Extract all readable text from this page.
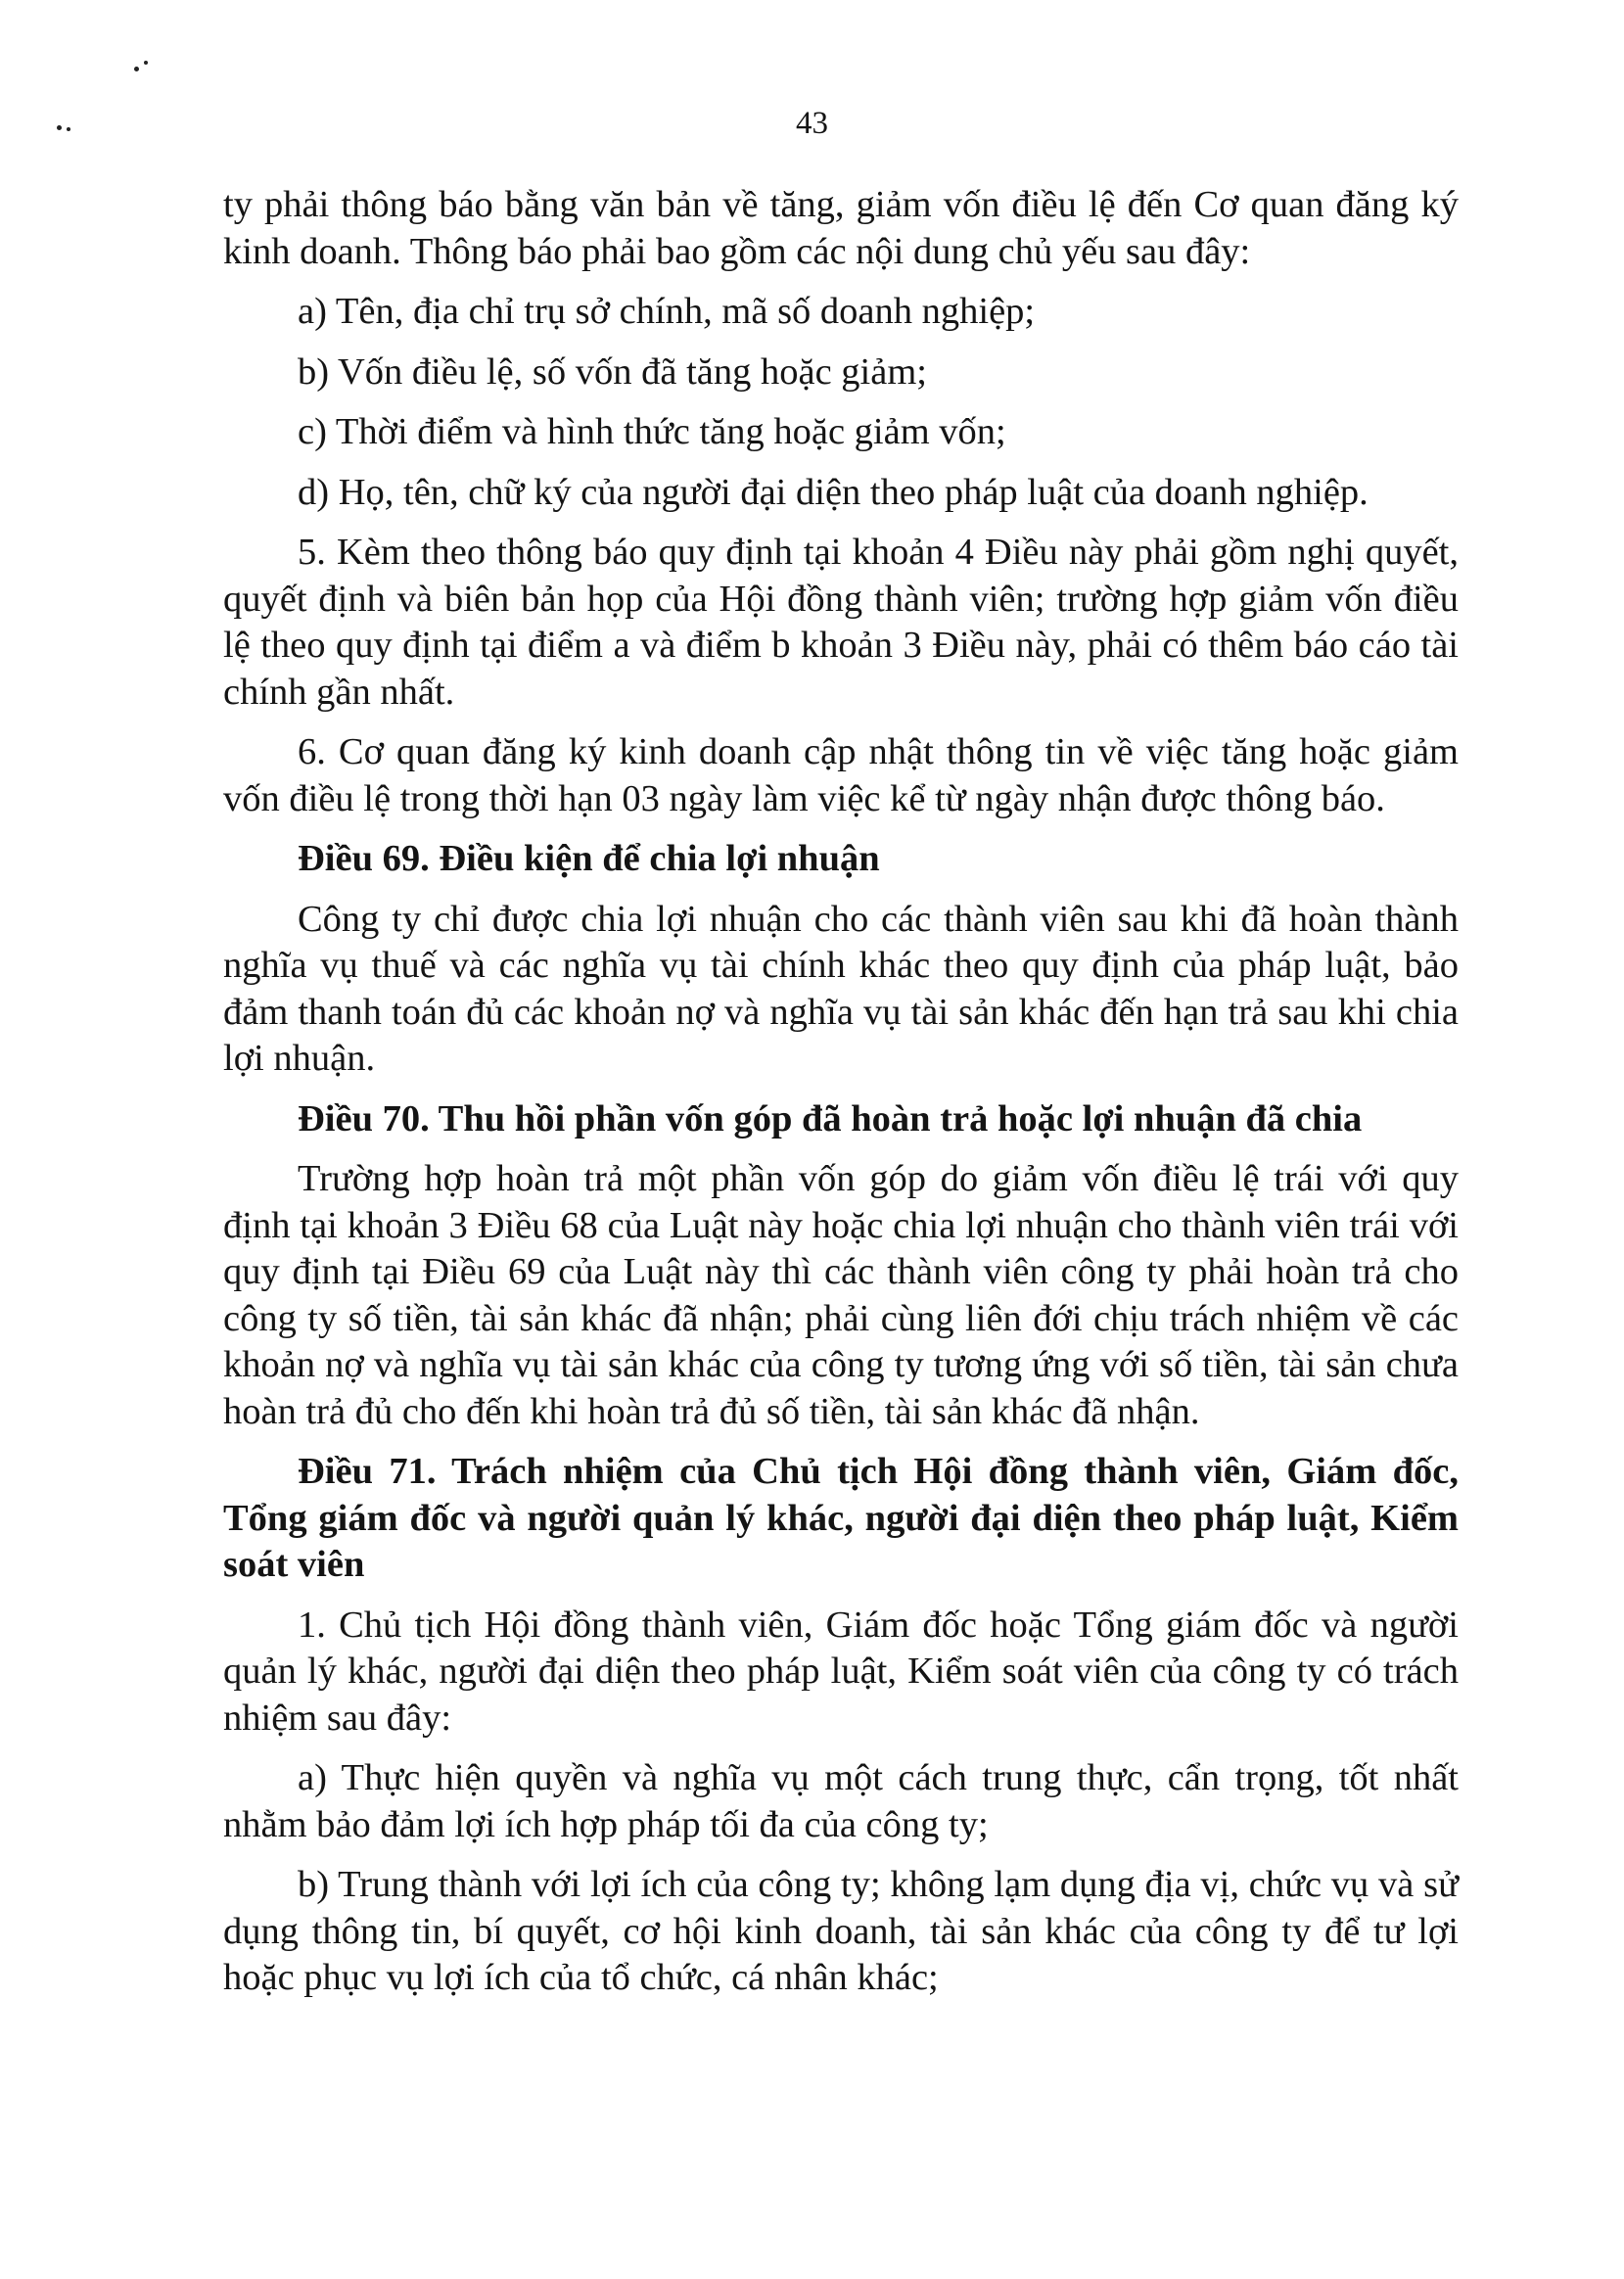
43

ty phải thông báo bằng văn bản về tăng, giảm vốn điều lệ đến Cơ quan đăng ký kinh doanh. Thông báo phải bao gồm các nội dung chủ yếu sau đây:

a) Tên, địa chỉ trụ sở chính, mã số doanh nghiệp;
b) Vốn điều lệ, số vốn đã tăng hoặc giảm;
c) Thời điểm và hình thức tăng hoặc giảm vốn;
d) Họ, tên, chữ ký của người đại diện theo pháp luật của doanh nghiệp.

5. Kèm theo thông báo quy định tại khoản 4 Điều này phải gồm nghị quyết, quyết định và biên bản họp của Hội đồng thành viên; trường hợp giảm vốn điều lệ theo quy định tại điểm a và điểm b khoản 3 Điều này, phải có thêm báo cáo tài chính gần nhất.

6. Cơ quan đăng ký kinh doanh cập nhật thông tin về việc tăng hoặc giảm vốn điều lệ trong thời hạn 03 ngày làm việc kể từ ngày nhận được thông báo.

Điều 69. Điều kiện để chia lợi nhuận

Công ty chỉ được chia lợi nhuận cho các thành viên sau khi đã hoàn thành nghĩa vụ thuế và các nghĩa vụ tài chính khác theo quy định của pháp luật, bảo đảm thanh toán đủ các khoản nợ và nghĩa vụ tài sản khác đến hạn trả sau khi chia lợi nhuận.

Điều 70. Thu hồi phần vốn góp đã hoàn trả hoặc lợi nhuận đã chia

Trường hợp hoàn trả một phần vốn góp do giảm vốn điều lệ trái với quy định tại khoản 3 Điều 68 của Luật này hoặc chia lợi nhuận cho thành viên trái với quy định tại Điều 69 của Luật này thì các thành viên công ty phải hoàn trả cho công ty số tiền, tài sản khác đã nhận; phải cùng liên đới chịu trách nhiệm về các khoản nợ và nghĩa vụ tài sản khác của công ty tương ứng với số tiền, tài sản chưa hoàn trả đủ cho đến khi hoàn trả đủ số tiền, tài sản khác đã nhận.

Điều 71. Trách nhiệm của Chủ tịch Hội đồng thành viên, Giám đốc, Tổng giám đốc và người quản lý khác, người đại diện theo pháp luật, Kiểm soát viên

1. Chủ tịch Hội đồng thành viên, Giám đốc hoặc Tổng giám đốc và người quản lý khác, người đại diện theo pháp luật, Kiểm soát viên của công ty có trách nhiệm sau đây:

a) Thực hiện quyền và nghĩa vụ một cách trung thực, cẩn trọng, tốt nhất nhằm bảo đảm lợi ích hợp pháp tối đa của công ty;

b) Trung thành với lợi ích của công ty; không lạm dụng địa vị, chức vụ và sử dụng thông tin, bí quyết, cơ hội kinh doanh, tài sản khác của công ty để tư lợi hoặc phục vụ lợi ích của tổ chức, cá nhân khác;
